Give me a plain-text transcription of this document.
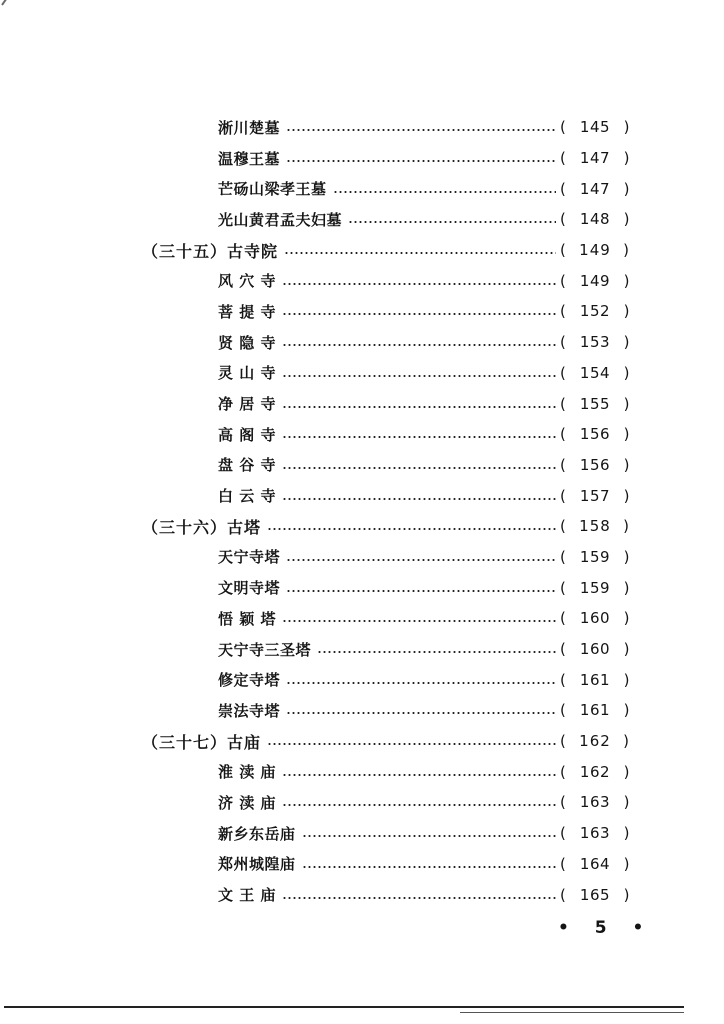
淅川楚墓	( 145 )
温穆王墓	( 147 )
芒砀山梁孝王墓	( 147 )
光山黄君孟夫妇墓	( 148 )
（三十五）古寺院	( 149 )
风 穴 寺	( 149 )
菩 提 寺	( 152 )
贤 隐 寺	( 153 )
灵 山 寺	( 154 )
净 居 寺	( 155 )
高 阁 寺	( 156 )
盘 谷 寺	( 156 )
白 云 寺	( 157 )
（三十六）古塔	( 158 )
天宁寺塔	( 159 )
文明寺塔	( 159 )
悟 颖 塔	( 160 )
天宁寺三圣塔	( 160 )
修定寺塔	( 161 )
崇法寺塔	( 161 )
（三十七）古庙	( 162 )
淮 渎 庙	( 162 )
济 渎 庙	( 163 )
新乡东岳庙	( 163 )
郑州城隍庙	( 164 )
文 王 庙	( 165 )
• 5 •
